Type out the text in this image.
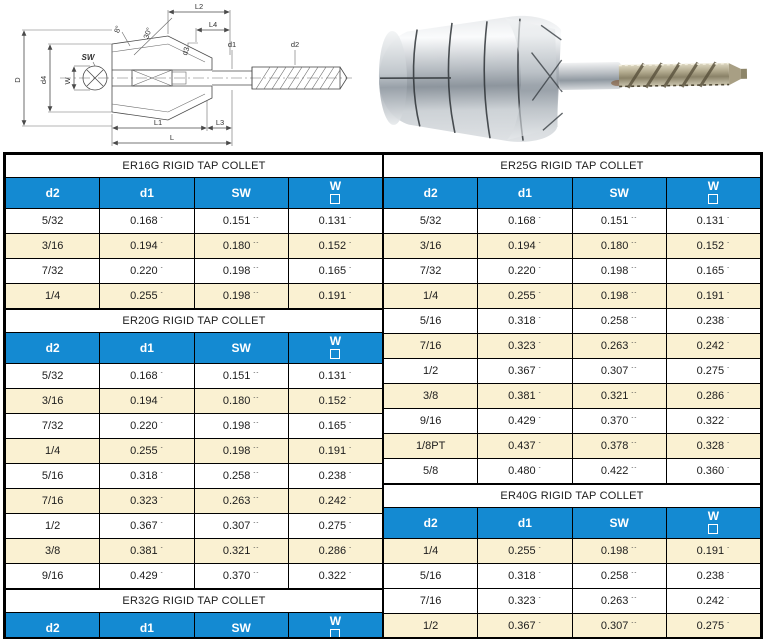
SW
W
D d4
L2
L4
8° 30°
d3
d1	d2
L1	L3
L
ER16G RIGID TAP COLLET			
d2	d1	SW	W

5/32	0.168 -	0.151 --	0.131 -
3/16	0.194 -	0.180 --	0.152 -
7/32	0.220 -	0.198 --	0.165 -
1/4	0.255 -	0.198 --	0.191 -
ER20G RIGID TAP COLLET			
d2	d1	SW	W

5/32	0.168 -	0.151 --	0.131 -
3/16	0.194 -	0.180 --	0.152 -
7/32	0.220 -	0.198 --	0.165 -
1/4	0.255 -	0.198 --	0.191 -
5/16	0.318 -	0.258 --	0.238 -
7/16	0.323 -	0.263 --	0.242 -
1/2	0.367 -	0.307 --	0.275 -
3/8	0.381 -	0.321 --	0.286 -
9/16	0.429 -	0.370 --	0.322 -
ER32G RIGID TAP COLLET
d2	d1	SW	W
ER25G RIGID TAP COLLET			
d2	d1	SW	W

5/32	0.168 -	0.151 --	0.131 -
3/16	0.194 -	0.180 --	0.152 -
7/32	0.220 -	0.198 --	0.165 -
1/4	0.255 -	0.198 --	0.191 -
5/16	0.318 -	0.258 --	0.238 -
7/16	0.323 -	0.263 --	0.242 -
1/2	0.367 -	0.307 --	0.275 -
3/8	0.381 -	0.321 --	0.286 -
9/16	0.429 -	0.370 --	0.322 -
1/8PT	0.437 -	0.378 --	0.328 -
5/8	0.480 -	0.422 --	0.360 -
ER40G RIGID TAP COLLET			
d2	d1	SW	W

1/4	0.255 -	0.198 --	0.191 -
5/16	0.318 -	0.258 --	0.238 -
7/16	0.323 -	0.263 --	0.242 -
1/2	0.367 -	0.307 --	0.275 -
